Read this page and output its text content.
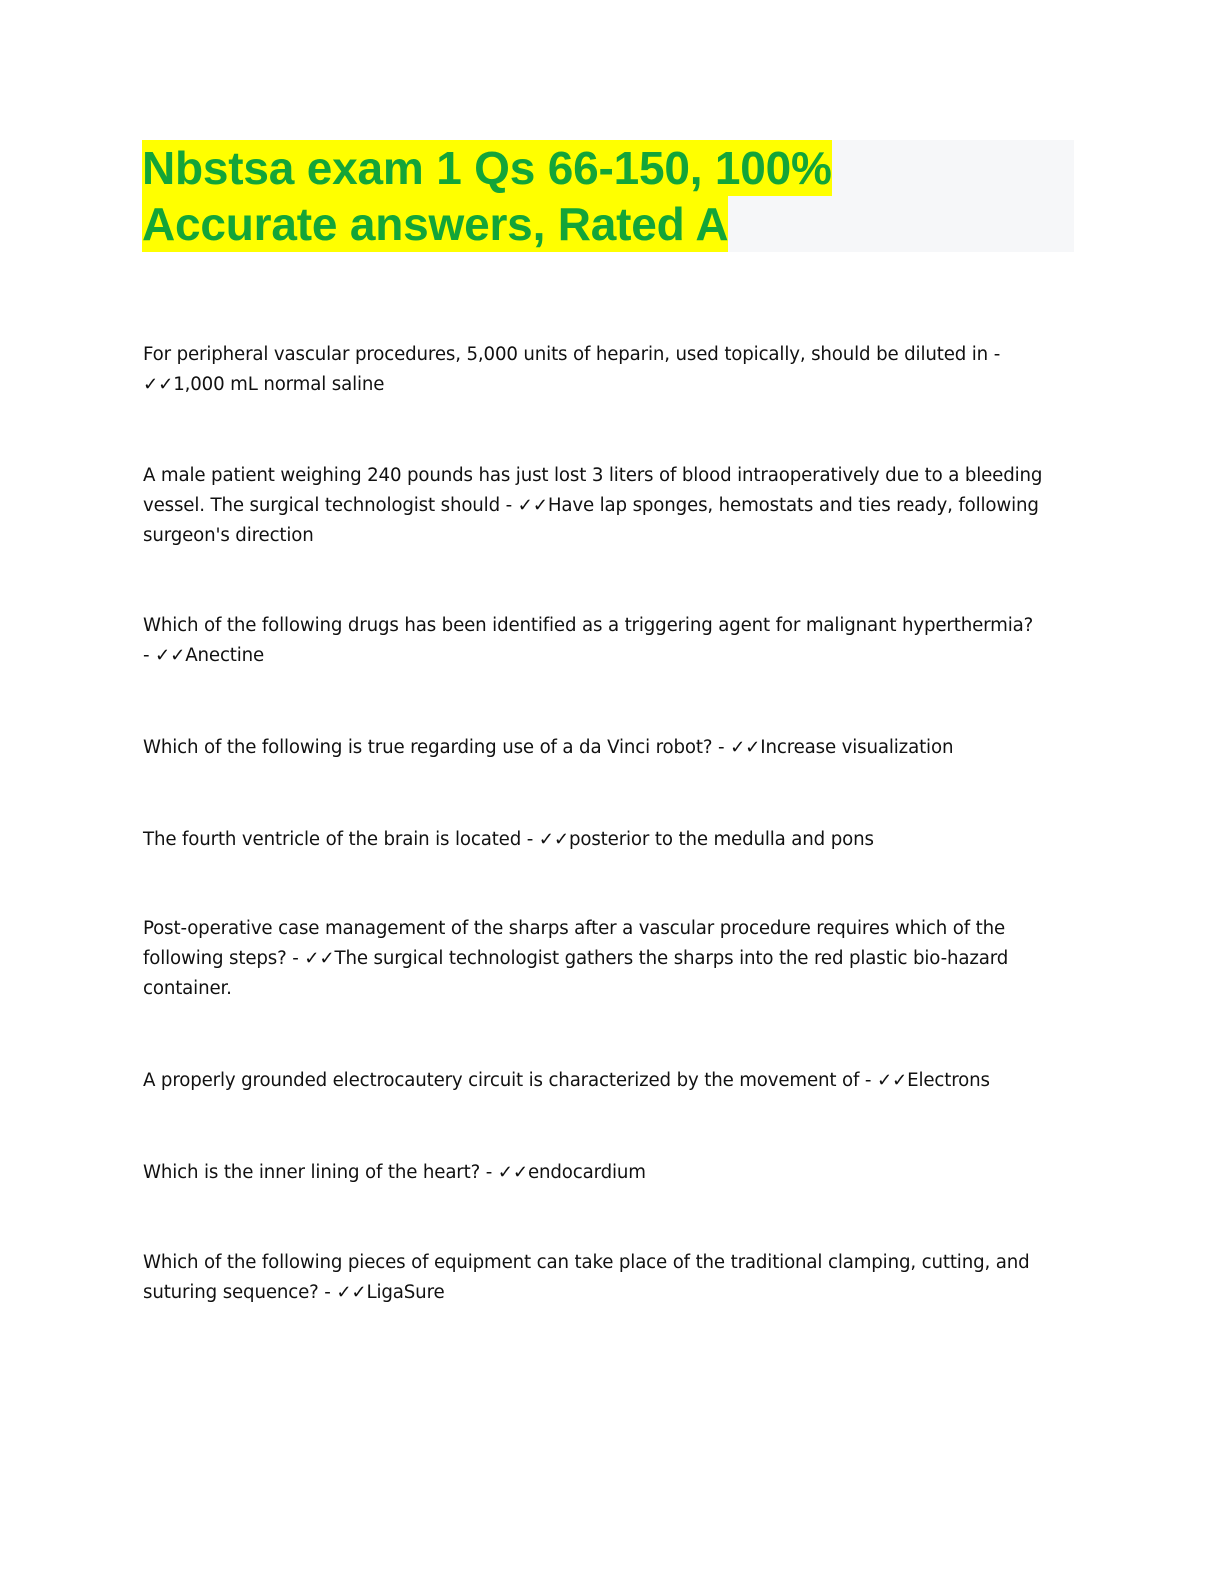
Nbstsa exam 1 Qs 66-150, 100%
Accurate answers, Rated A
For peripheral vascular procedures, 5,000 units of heparin, used topically, should be diluted in - ✓✓1,000 mL normal saline
A male patient weighing 240 pounds has just lost 3 liters of blood intraoperatively due to a bleeding vessel. The surgical technologist should - ✓✓Have lap sponges, hemostats and ties ready, following surgeon's direction
Which of the following drugs has been identified as a triggering agent for malignant hyperthermia? - ✓✓Anectine
Which of the following is true regarding use of a da Vinci robot? - ✓✓Increase visualization
The fourth ventricle of the brain is located - ✓✓posterior to the medulla and pons
Post-operative case management of the sharps after a vascular procedure requires which of the following steps? - ✓✓The surgical technologist gathers the sharps into the red plastic bio-hazard container.
A properly grounded electrocautery circuit is characterized by the movement of - ✓✓Electrons
Which is the inner lining of the heart? - ✓✓endocardium
Which of the following pieces of equipment can take place of the traditional clamping, cutting, and suturing sequence? - ✓✓LigaSure
